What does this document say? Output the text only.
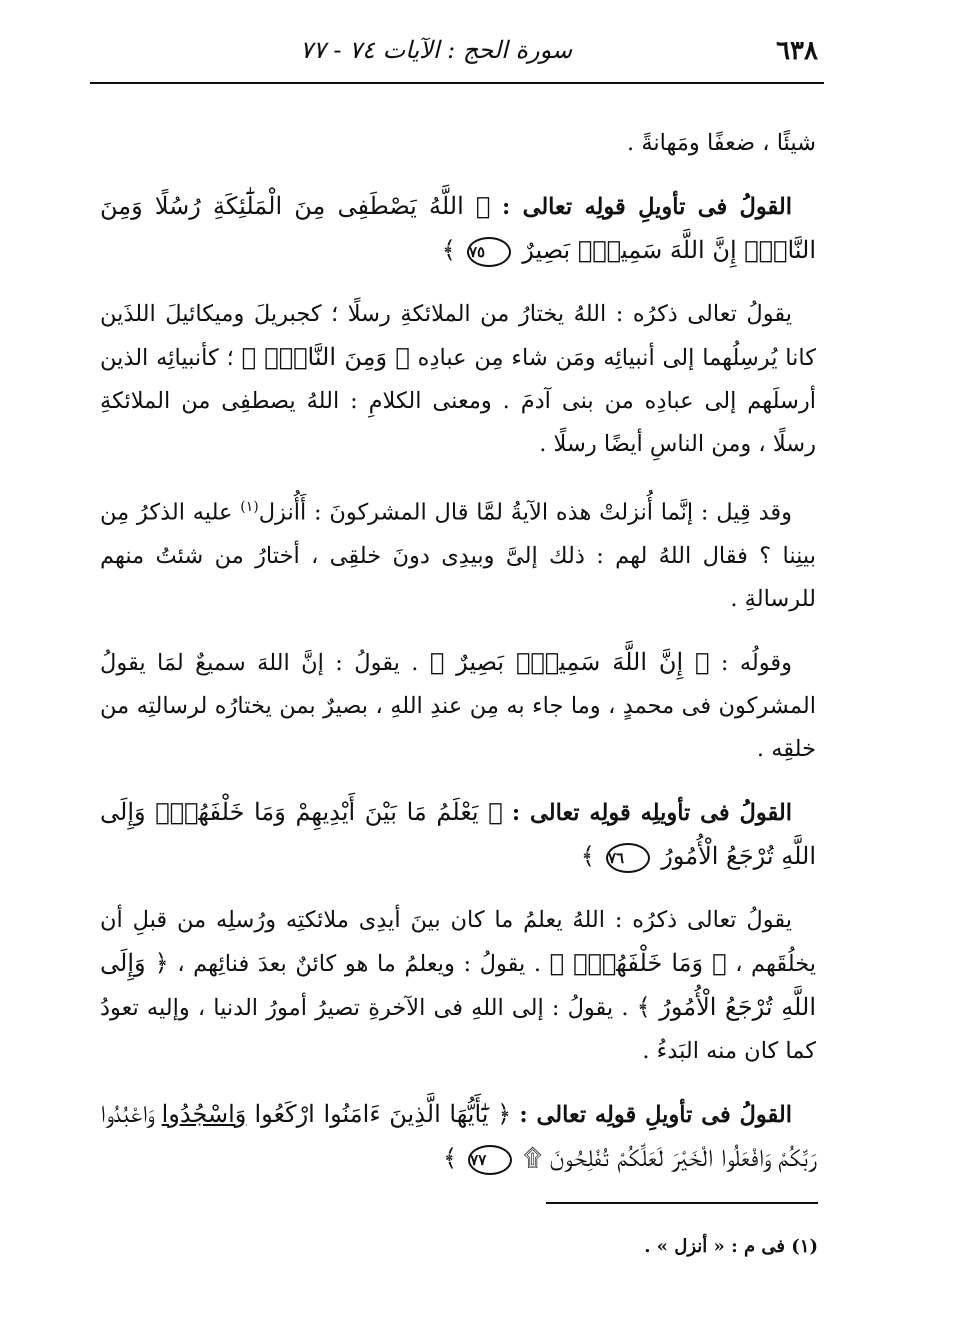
٦٣٨
سورة الحج : الآيات ٧٤ - ٧٧

شيئًا ، ضعفًا ومَهانةً .

القولُ فى تأويلِ قولِه تعالى : ﴿ اللَّهُ يَصْطَفِى مِنَ الْمَلَٰٓئِكَةِ رُسُلًا وَمِنَ النَّاسِۚ إِنَّ اللَّهَ سَمِيعٌۢ بَصِيرٌ ٧٥ ﴾

يقولُ تعالى ذكرُه : اللهُ يختارُ من الملائكةِ رسلًا ؛ كجبريلَ وميكائيلَ اللذَين كانا يُرسِلُهما إلى أنبيائِه ومَن شاء مِن عبادِه ﴿ وَمِنَ النَّاسِۚ ﴾ ؛ كأنبيائِه الذين أرسلَهم إلى عبادِه من بنى آدمَ . ومعنى الكلامِ : اللهُ يصطفِى من الملائكةِ رسلًا ، ومن الناسِ أيضًا رسلًا .

وقد قِيل : إنَّما أُنزلتْ هذه الآيةُ لمَّا قال المشركونَ : أَأُنزل$^{(١)}$ عليه الذكرُ مِن بينِنا ؟ فقال اللهُ لهم : ذلك إلىَّ وبيدِى دونَ خلقِى ، أختارُ من شئتُ منهم للرسالةِ .

وقولُه : ﴿ إِنَّ اللَّهَ سَمِيعٌۢ بَصِيرٌ ﴾ . يقولُ : إنَّ اللهَ سميعٌ لمَا يقولُ المشركون فى محمدٍ ، وما جاء به مِن عندِ اللهِ ، بصيرٌ بمن يختارُه لرسالتِه من خلقِه .

القولُ فى تأويلِه قولِه تعالى : ﴿ يَعْلَمُ مَا بَيْنَ أَيْدِيهِمْ وَمَا خَلْفَهُمْۗ وَإِلَى اللَّهِ تُرْجَعُ الْأُمُورُ ٧٦ ﴾

يقولُ تعالى ذكرُه : اللهُ يعلمُ ما كان بينَ أيدِى ملائكتِه ورُسلِه من قبلِ أن يخلُقَهم ، ﴿ وَمَا خَلْفَهُمْۗ ﴾ . يقولُ : ويعلمُ ما هو كائنٌ بعدَ فنائِهم ، ﴿ وَإِلَى اللَّهِ تُرْجَعُ الْأُمُورُ ﴾ . يقولُ : إلى اللهِ فى الآخرةِ تصيرُ أمورُ الدنيا ، وإليه تعودُ كما كان منه البَدءُ .

القولُ فى تأويلِ قولِه تعالى : ﴿ يَٰٓأَيُّهَا الَّذِينَ ءَامَنُوا ارْكَعُوا وَاسْجُدُوا وَاعْبُدُوا رَبَّكُمْ وَافْعَلُوا الْخَيْرَ لَعَلَّكُمْ تُفْلِحُونَ ۩ ٧٧ ﴾

(١) فى م : « أنزل » .
